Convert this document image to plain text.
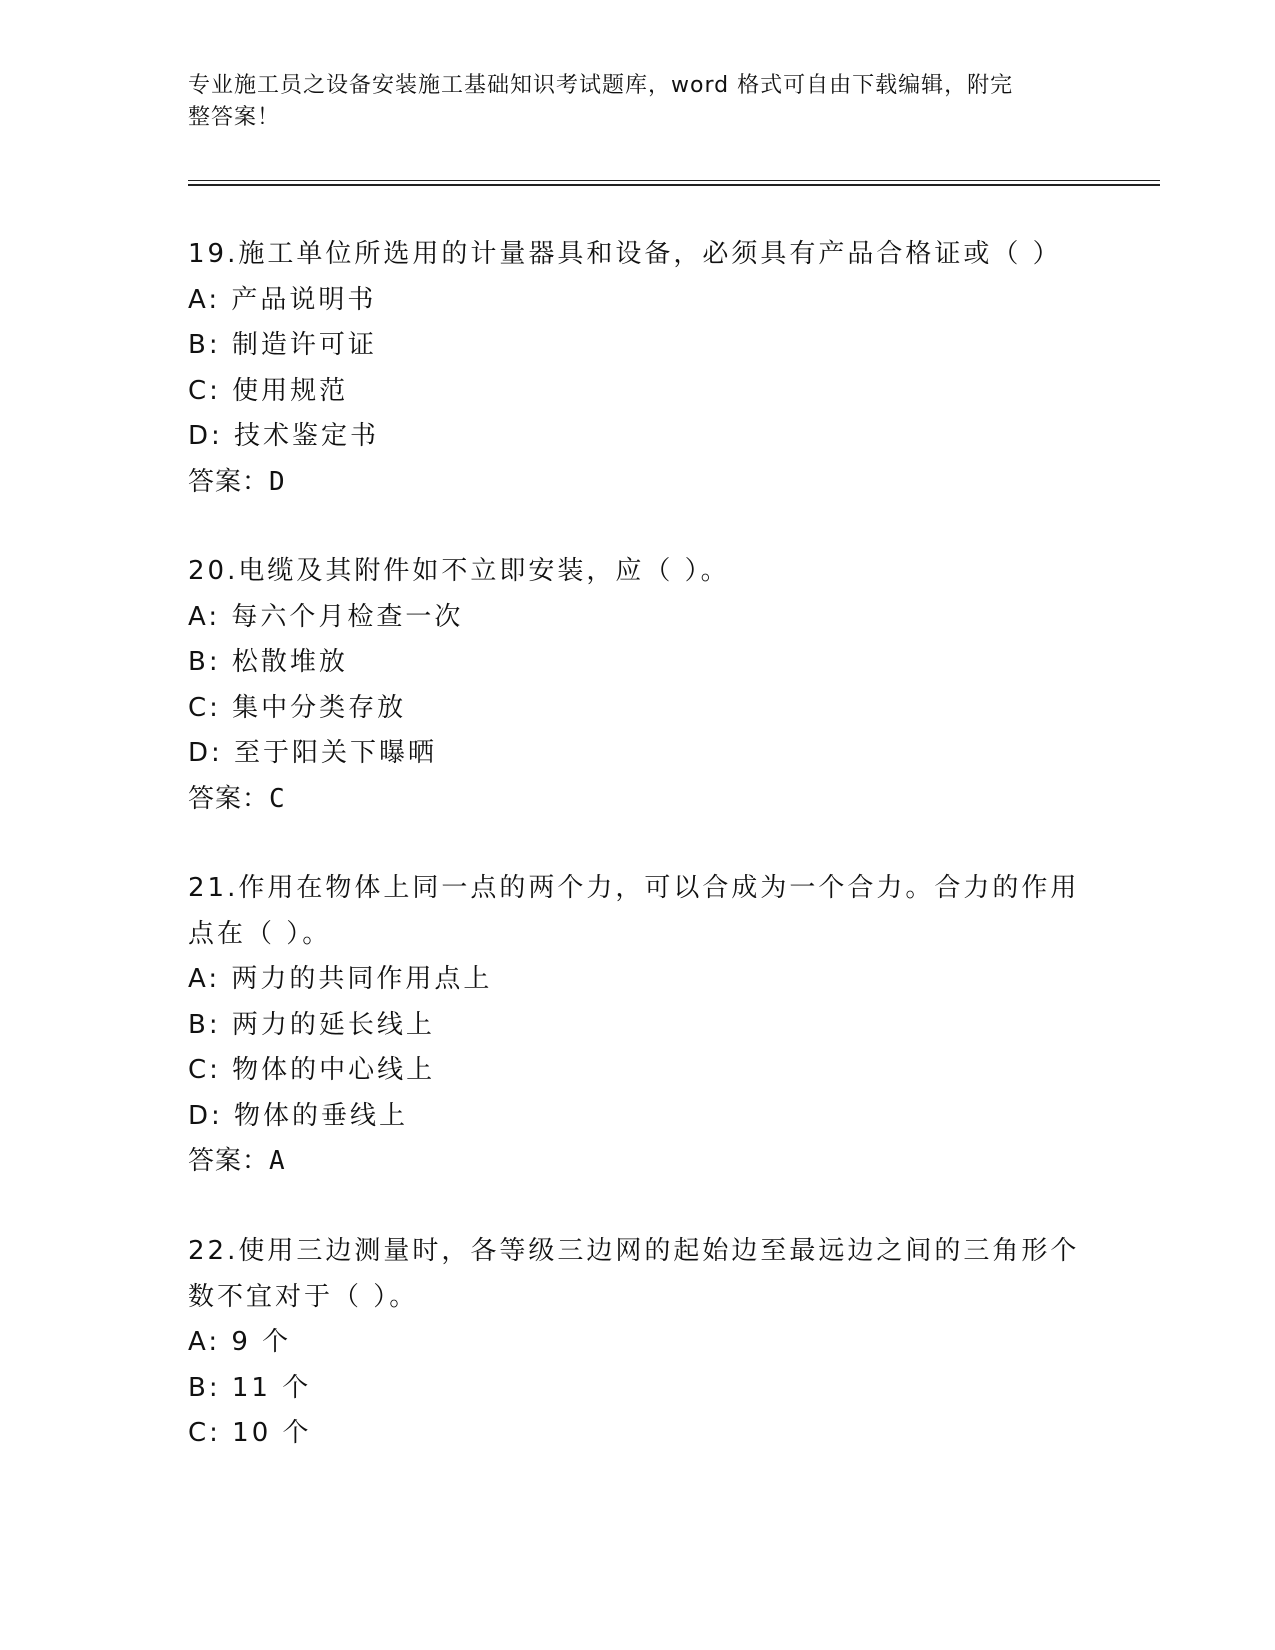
专业施工员之设备安装施工基础知识考试题库，word 格式可自由下载编辑，附完
整答案！
19.施工单位所选用的计量器具和设备，必须具有产品合格证或（ ）
A: 产品说明书
B: 制造许可证
C: 使用规范
D: 技术鉴定书
答案：D
20.电缆及其附件如不立即安装，应（ ）。
A: 每六个月检查一次
B: 松散堆放
C: 集中分类存放
D: 至于阳关下曝晒
答案：C
21.作用在物体上同一点的两个力，可以合成为一个合力。合力的作用
点在（ ）。
A: 两力的共同作用点上
B: 两力的延长线上
C: 物体的中心线上
D: 物体的垂线上
答案：A
22.使用三边测量时，各等级三边网的起始边至最远边之间的三角形个
数不宜对于（ ）。
A: 9 个
B: 11 个
C: 10 个
